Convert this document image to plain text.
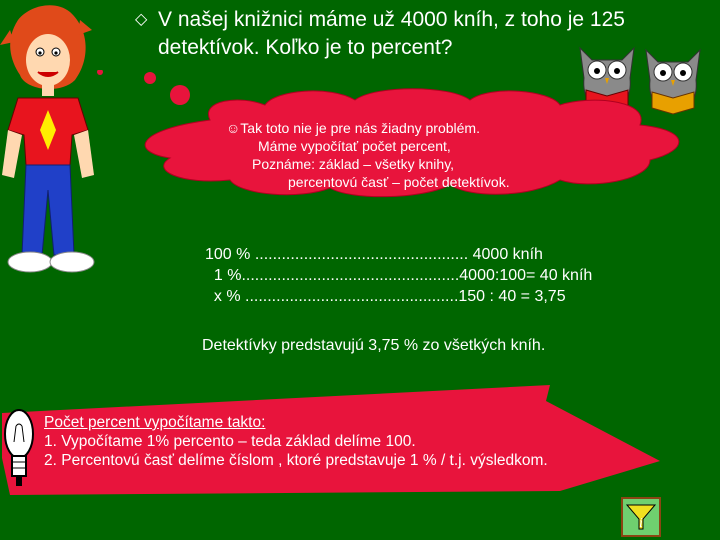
◇ V našej knižnici máme už 4000 kníh, z toho je 125 detektívok. Koľko je to percent?
☺Tak toto nie je pre nás žiadny problém.
Máme vypočítať počet percent,
Poznáme: základ – všetky knihy,
percentovú časť – počet detektívok.
100 % ................................................ 4000 kníh
1 %.................................................4000:100= 40 kníh
x % ................................................150 : 40 = 3,75
Detektívky predstavujú 3,75 % zo všetkých kníh.
Počet percent vypočítame takto:
1. Vypočítame 1% percento – teda základ delíme 100.
2. Percentovú časť delíme číslom , ktoré predstavuje 1 % / t.j. výsledkom.
i
